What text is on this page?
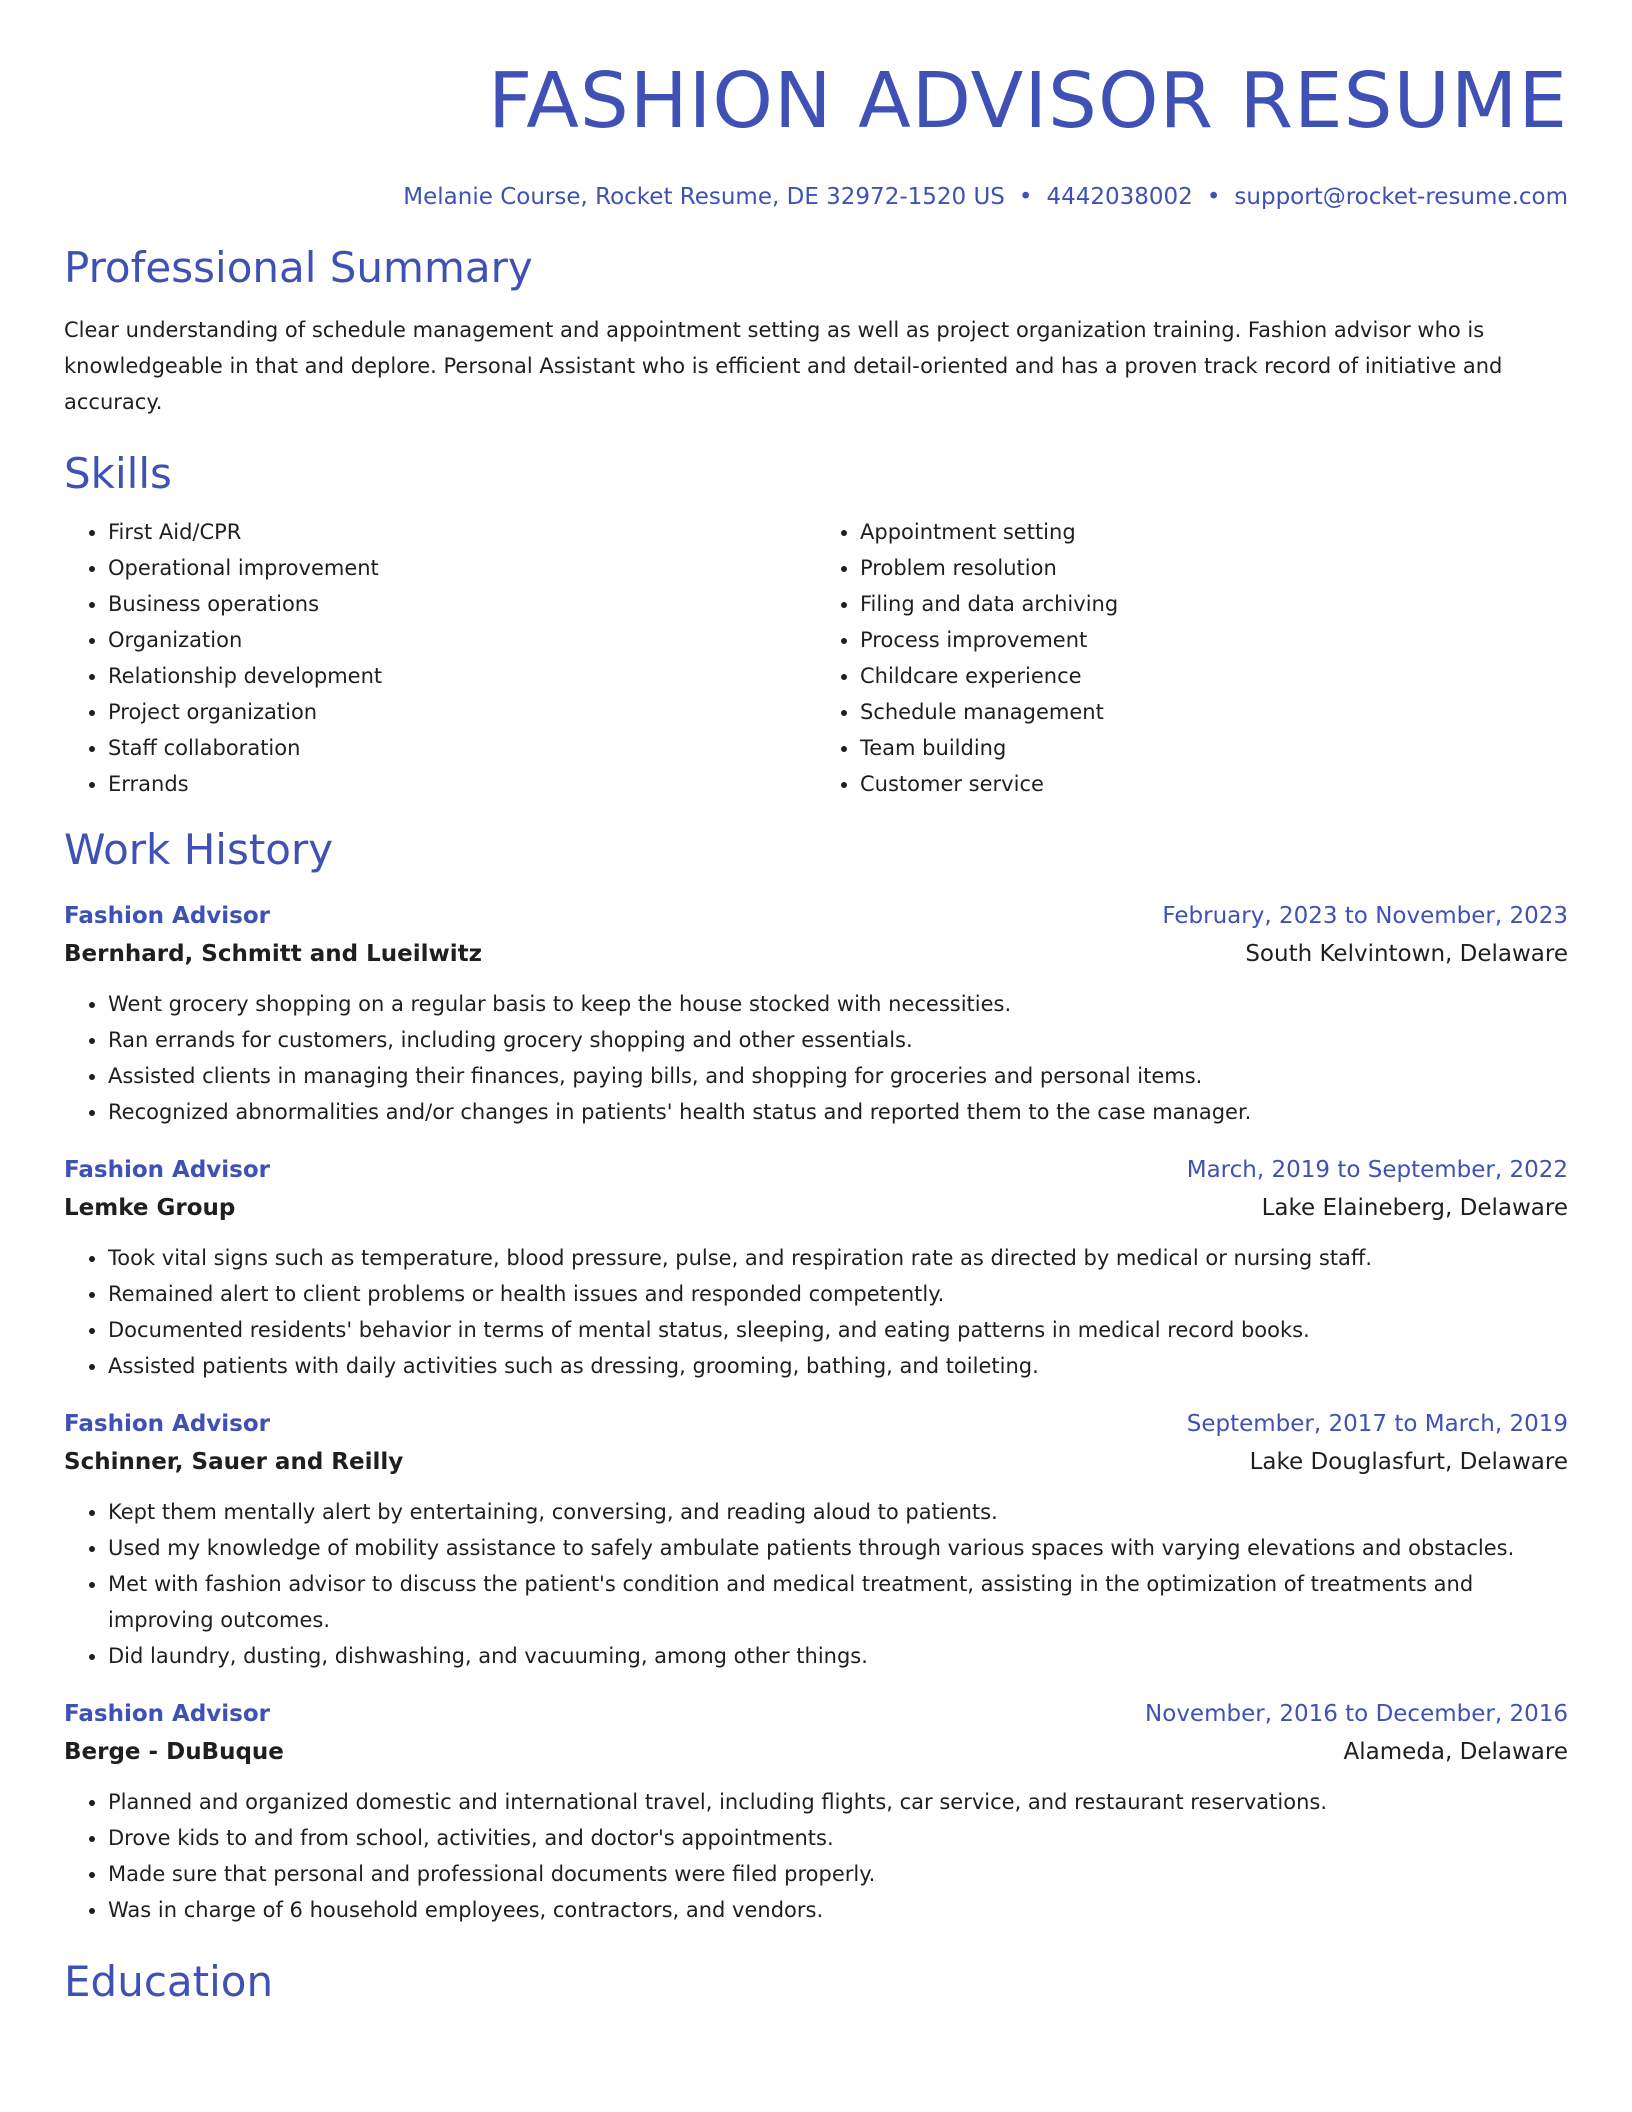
FASHION ADVISOR RESUME
Melanie Course, Rocket Resume, DE 32972-1520 US • 4442038002 • support@rocket-resume.com
Professional Summary

Clear understanding of schedule management and appointment setting as well as project organization training. Fashion advisor who is knowledgeable in that and deplore. Personal Assistant who is efficient and detail-oriented and has a proven track record of initiative and accuracy.

Skills
• First Aid/CPR
• Operational improvement
• Business operations
• Organization
• Relationship development
• Project organization
• Staff collaboration
• Errands
• Appointment setting
• Problem resolution
• Filing and data archiving
• Process improvement
• Childcare experience
• Schedule management
• Team building
• Customer service
Work History
Fashion Advisor	February, 2023 to November, 2023
Bernhard, Schmitt and Lueilwitz	South Kelvintown, Delaware
• Went grocery shopping on a regular basis to keep the house stocked with necessities.
• Ran errands for customers, including grocery shopping and other essentials.
• Assisted clients in managing their finances, paying bills, and shopping for groceries and personal items.
• Recognized abnormalities and/or changes in patients' health status and reported them to the case manager.
Fashion Advisor	March, 2019 to September, 2022
Lemke Group	Lake Elaineberg, Delaware
• Took vital signs such as temperature, blood pressure, pulse, and respiration rate as directed by medical or nursing staff.
• Remained alert to client problems or health issues and responded competently.
• Documented residents' behavior in terms of mental status, sleeping, and eating patterns in medical record books.
• Assisted patients with daily activities such as dressing, grooming, bathing, and toileting.
Fashion Advisor	September, 2017 to March, 2019
Schinner, Sauer and Reilly	Lake Douglasfurt, Delaware
• Kept them mentally alert by entertaining, conversing, and reading aloud to patients.
• Used my knowledge of mobility assistance to safely ambulate patients through various spaces with varying elevations and obstacles.
• Met with fashion advisor to discuss the patient's condition and medical treatment, assisting in the optimization of treatments and improving outcomes.
• Did laundry, dusting, dishwashing, and vacuuming, among other things.
Fashion Advisor	November, 2016 to December, 2016
Berge - DuBuque	Alameda, Delaware
• Planned and organized domestic and international travel, including flights, car service, and restaurant reservations.
• Drove kids to and from school, activities, and doctor's appointments.
• Made sure that personal and professional documents were filed properly.
• Was in charge of 6 household employees, contractors, and vendors.
Education
